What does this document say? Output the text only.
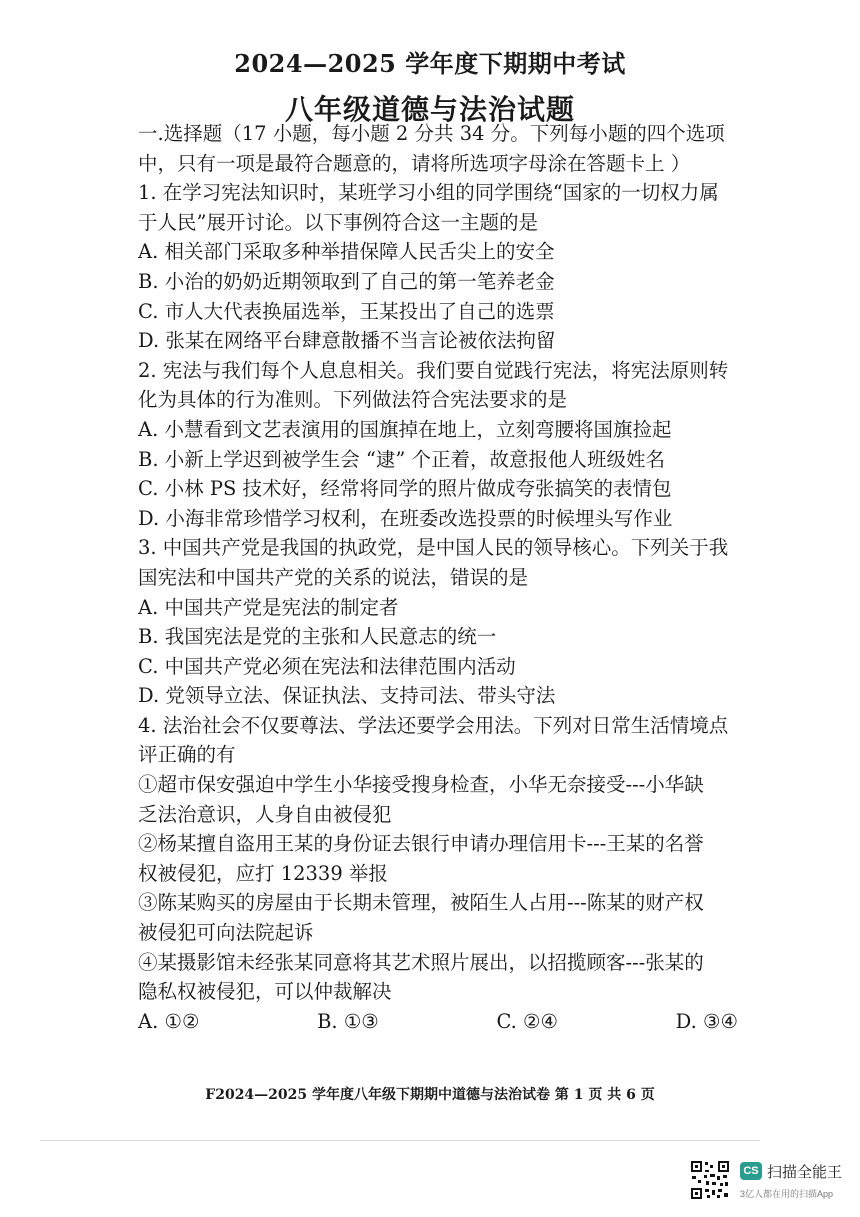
2024—2025 学年度下期期中考试
八年级道德与法治试题
一.选择题（17 小题，每小题 2 分共 34 分。下列每小题的四个选项
中，只有一项是最符合题意的，请将所选项字母涂在答题卡上 ）
1. 在学习宪法知识时，某班学习小组的同学围绕“国家的一切权力属
于人民”展开讨论。以下事例符合这一主题的是
A. 相关部门采取多种举措保障人民舌尖上的安全
B. 小治的奶奶近期领取到了自己的第一笔养老金
C. 市人大代表换届选举，王某投出了自己的选票
D. 张某在网络平台肆意散播不当言论被依法拘留
2. 宪法与我们每个人息息相关。我们要自觉践行宪法，将宪法原则转
化为具体的行为准则。下列做法符合宪法要求的是
A. 小慧看到文艺表演用的国旗掉在地上，立刻弯腰将国旗捡起
B. 小新上学迟到被学生会 “逮” 个正着，故意报他人班级姓名
C. 小林 PS 技术好，经常将同学的照片做成夸张搞笑的表情包
D. 小海非常珍惜学习权利，在班委改选投票的时候埋头写作业
3. 中国共产党是我国的执政党，是中国人民的领导核心。下列关于我
国宪法和中国共产党的关系的说法，错误的是
A. 中国共产党是宪法的制定者
B. 我国宪法是党的主张和人民意志的统一
C. 中国共产党必须在宪法和法律范围内活动
D. 党领导立法、保证执法、支持司法、带头守法
4. 法治社会不仅要尊法、学法还要学会用法。下列对日常生活情境点
评正确的有
①超市保安强迫中学生小华接受搜身检查，小华无奈接受---小华缺
乏法治意识，人身自由被侵犯
②杨某擅自盗用王某的身份证去银行申请办理信用卡---王某的名誉
权被侵犯，应打 12339 举报
③陈某购买的房屋由于长期未管理，被陌生人占用---陈某的财产权
被侵犯可向法院起诉
④某摄影馆未经张某同意将其艺术照片展出，以招揽顾客---张某的
隐私权被侵犯，可以仲裁解决
A. ①②	B. ①③	C. ②④	D. ③④
F2024—2025 学年度八年级下期期中道德与法治试卷 第 1 页 共 6 页
CS 扫描全能王
3亿人都在用的扫描App
